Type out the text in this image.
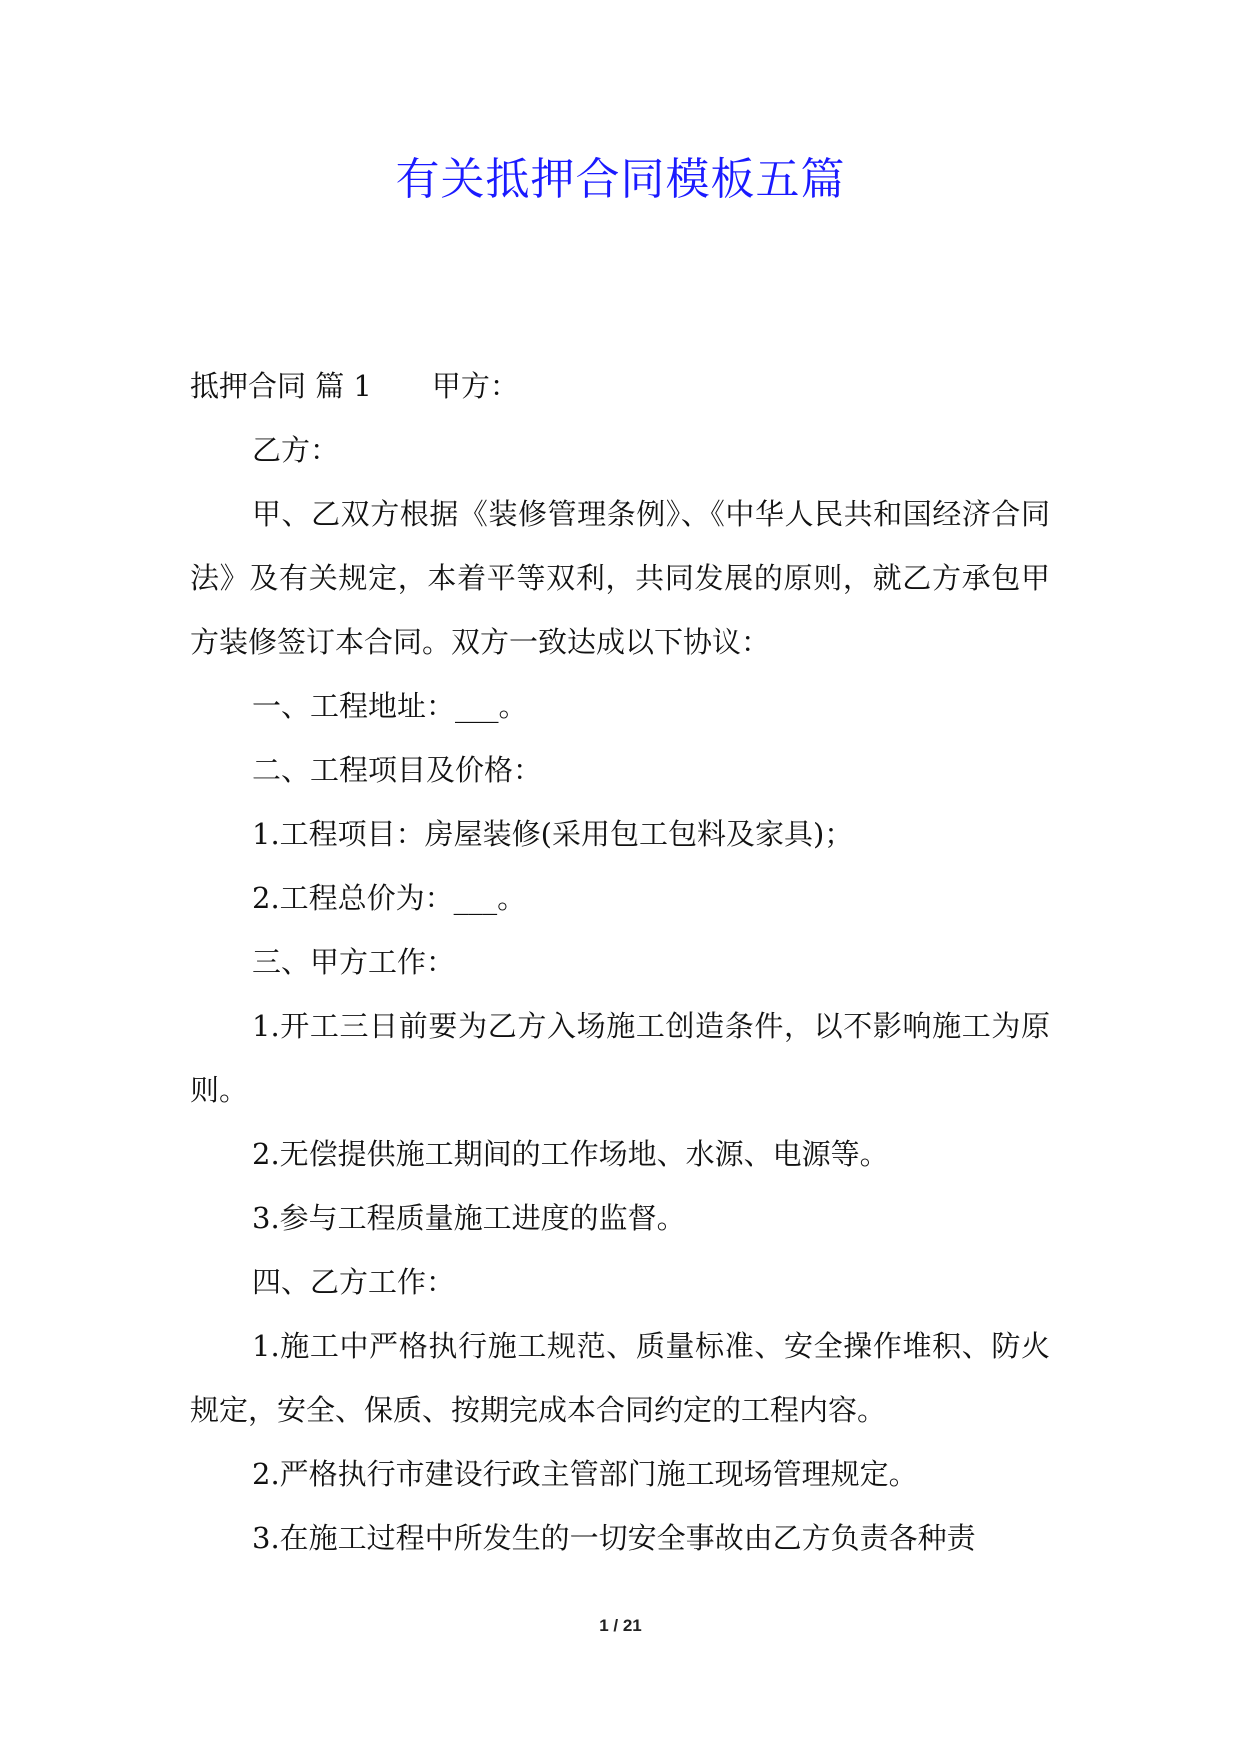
有关抵押合同模板五篇

抵押合同 篇 1 甲方：

乙方：

甲、乙双方根据《装修管理条例》、《中华人民共和国经济合同法》及有关规定，本着平等双利，共同发展的原则，就乙方承包甲方装修签订本合同。双方一致达成以下协议：

一、工程地址：___。

二、工程项目及价格：

1.工程项目：房屋装修(采用包工包料及家具)；

2.工程总价为：___。

三、甲方工作：

1.开工三日前要为乙方入场施工创造条件，以不影响施工为原则。

2.无偿提供施工期间的工作场地、水源、电源等。

3.参与工程质量施工进度的监督。

四、乙方工作：

1.施工中严格执行施工规范、质量标准、安全操作堆积、防火规定，安全、保质、按期完成本合同约定的工程内容。

2.严格执行市建设行政主管部门施工现场管理规定。

3.在施工过程中所发生的一切安全事故由乙方负责各种责

1 / 21
